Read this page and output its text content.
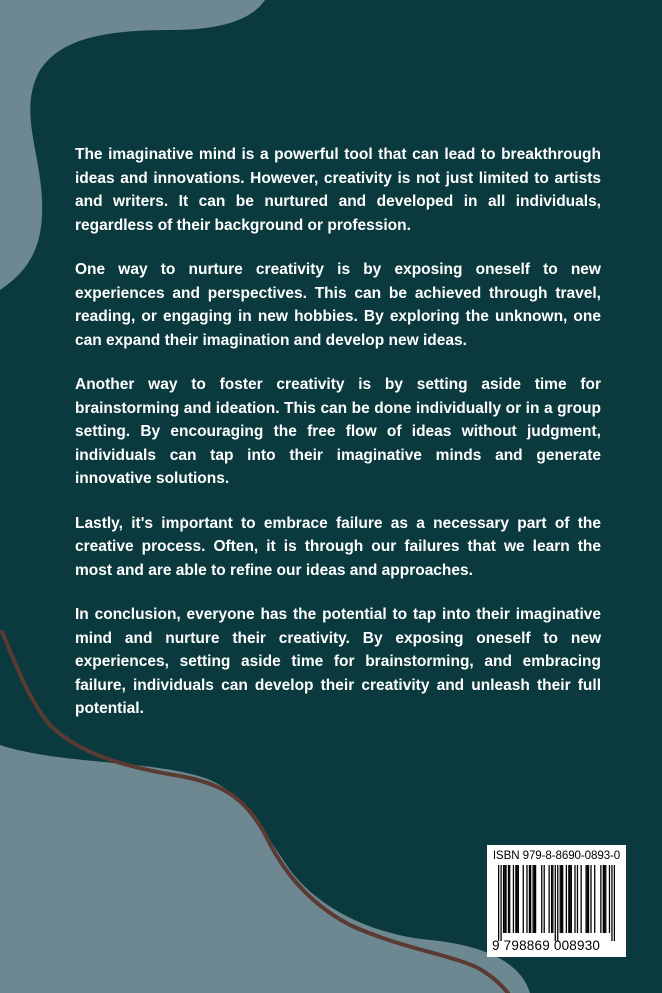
The imaginative mind is a powerful tool that can lead to breakthrough ideas and innovations. However, creativity is not just limited to artists and writers. It can be nurtured and developed in all individuals, regardless of their background or profession.

One way to nurture creativity is by exposing oneself to new experiences and perspectives. This can be achieved through travel, reading, or engaging in new hobbies. By exploring the unknown, one can expand their imagination and develop new ideas.

Another way to foster creativity is by setting aside time for brainstorming and ideation. This can be done individually or in a group setting. By encouraging the free flow of ideas without judgment, individuals can tap into their imaginative minds and generate innovative solutions.

Lastly, it's important to embrace failure as a necessary part of the creative process. Often, it is through our failures that we learn the most and are able to refine our ideas and approaches.

In conclusion, everyone has the potential to tap into their imaginative mind and nurture their creativity. By exposing oneself to new experiences, setting aside time for brainstorming, and embracing failure, individuals can develop their creativity and unleash their full potential.

ISBN 979-8-8690-0893-0
9 798869 008930
